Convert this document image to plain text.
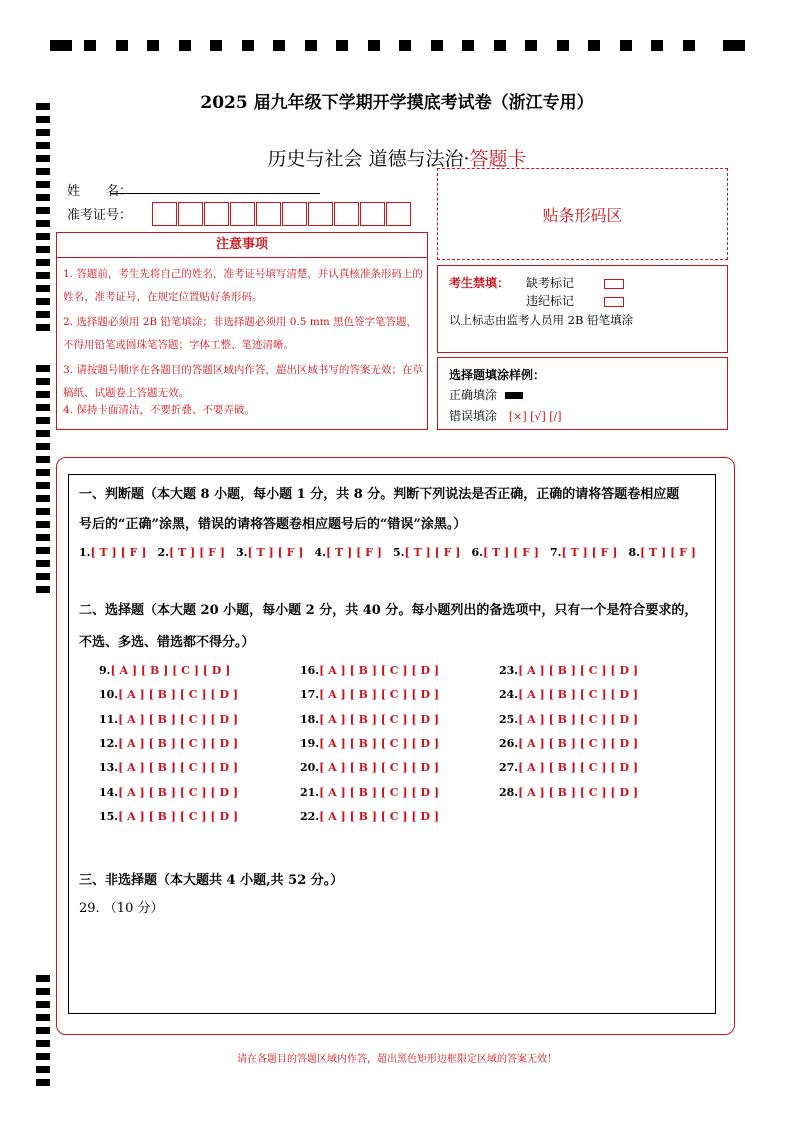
2025 届九年级下学期开学摸底考试卷（浙江专用）
历史与社会 道德与法治·答题卡
姓　　名：
准考证号：	贴条形码区
注意事项
1. 答题前，考生先将自己的姓名，准考证号填写清楚，并认真核准条形码上的姓名、准考证号，在规定位置贴好条形码。
2. 选择题必须用 2B 铅笔填涂；非选择题必须用 0.5 mm 黑色签字笔答题，不得用铅笔或圆珠笔答题；字体工整、笔迹清晰。
3. 请按题号顺序在各题目的答题区域内作答，超出区域书写的答案无效；在草稿纸、试题卷上答题无效。
4. 保持卡面清洁，不要折叠、不要弄破。
考生禁填： 缺考标记
违纪标记
以上标志由监考人员用 2B 铅笔填涂
选择题填涂样例：
正确填涂
错误填涂 [×] [√] [/]
一、判断题（本大题 8 小题，每小题 1 分，共 8 分。判断下列说法是否正确，正确的请将答题卷相应题
号后的“正确”涂黑，错误的请将答题卷相应题号后的“错误”涂黑。）
1.[ T ] [ F ] 2.[ T ] [ F ] 3.[ T ] [ F ] 4.[ T ] [ F ] 5.[ T ] [ F ] 6.[ T ] [ F ] 7.[ T ] [ F ] 8.[ T ] [ F ]
二、选择题（本大题 20 小题，每小题 2 分，共 40 分。每小题列出的备选项中，只有一个是符合要求的，
不选、多选、错选都不得分。）
9.[ A ] [ B ] [ C ] [ D ]
10.[ A ] [ B ] [ C ] [ D ]
11.[ A ] [ B ] [ C ] [ D ]
12.[ A ] [ B ] [ C ] [ D ]
13.[ A ] [ B ] [ C ] [ D ]
14.[ A ] [ B ] [ C ] [ D ]
15.[ A ] [ B ] [ C ] [ D ]
16.[ A ] [ B ] [ C ] [ D ]
17.[ A ] [ B ] [ C ] [ D ]
18.[ A ] [ B ] [ C ] [ D ]
19.[ A ] [ B ] [ C ] [ D ]
20.[ A ] [ B ] [ C ] [ D ]
21.[ A ] [ B ] [ C ] [ D ]
22.[ A ] [ B ] [ C ] [ D ]
23.[ A ] [ B ] [ C ] [ D ]
24.[ A ] [ B ] [ C ] [ D ]
25.[ A ] [ B ] [ C ] [ D ]
26.[ A ] [ B ] [ C ] [ D ]
27.[ A ] [ B ] [ C ] [ D ]
28.[ A ] [ B ] [ C ] [ D ]
三、非选择题（本大题共 4 小题,共 52 分。）
29. （10 分）
请在各题目的答题区域内作答，超出黑色矩形边框限定区域的答案无效！
